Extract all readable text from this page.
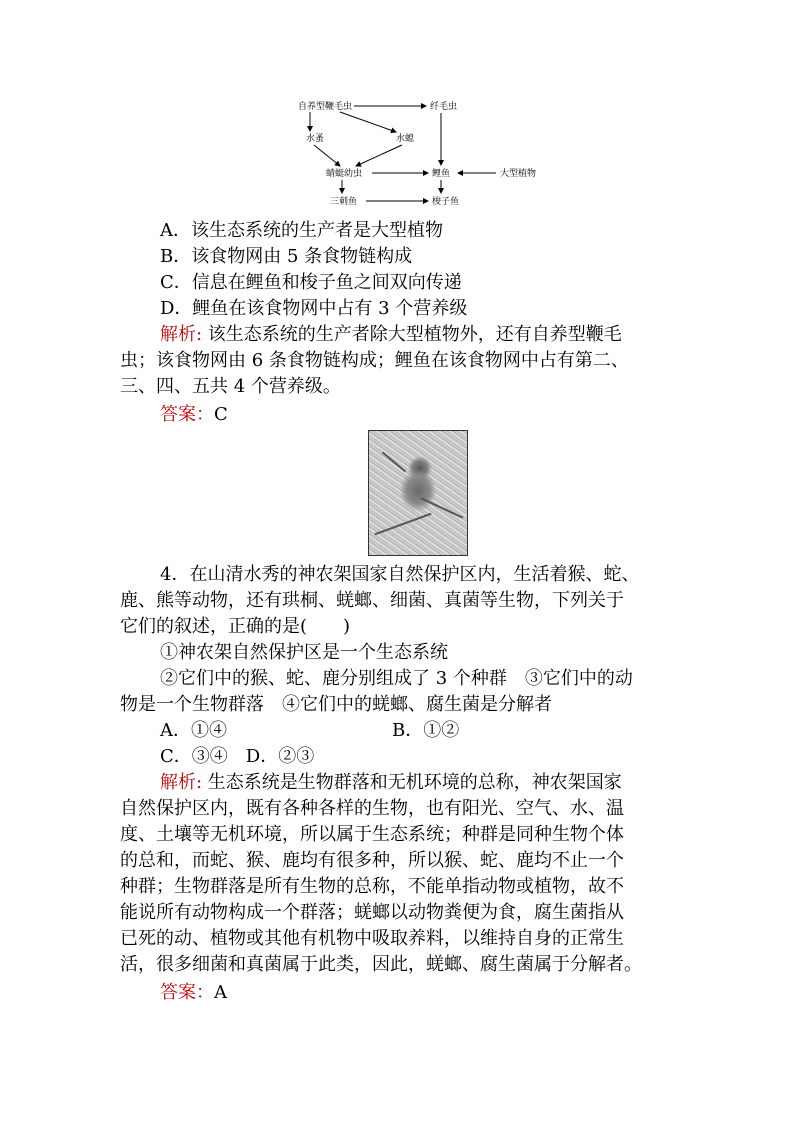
自养型鞭毛虫	纤毛虫
水蚤	水螅
蜻蜓幼虫	鲤鱼	大型植物
三刺鱼	梭子鱼
A．该生态系统的生产者是大型植物
B．该食物网由 5 条食物链构成
C．信息在鲤鱼和梭子鱼之间双向传递
D．鲤鱼在该食物网中占有 3 个营养级
解析: 该生态系统的生产者除大型植物外，还有自养型鞭毛
虫；该食物网由 6 条食物链构成；鲤鱼在该食物网中占有第二、
三、四、五共 4 个营养级。
答案：C
4．在山清水秀的神农架国家自然保护区内，生活着猴、蛇、
鹿、熊等动物，还有珙桐、蜣螂、细菌、真菌等生物，下列关于
它们的叙述，正确的是(　　)
①神农架自然保护区是一个生态系统
②它们中的猴、蛇、鹿分别组成了 3 个种群　③它们中的动
物是一个生物群落　④它们中的蜣螂、腐生菌是分解者
A．①④	B．①②
C．③④　D．②③
解析: 生态系统是生物群落和无机环境的总称，神农架国家
自然保护区内，既有各种各样的生物，也有阳光、空气、水、温
度、土壤等无机环境，所以属于生态系统；种群是同种生物个体
的总和，而蛇、猴、鹿均有很多种，所以猴、蛇、鹿均不止一个
种群；生物群落是所有生物的总称，不能单指动物或植物，故不
能说所有动物构成一个群落；蜣螂以动物粪便为食，腐生菌指从
已死的动、植物或其他有机物中吸取养料，以维持自身的正常生
活，很多细菌和真菌属于此类，因此，蜣螂、腐生菌属于分解者。
答案：A
